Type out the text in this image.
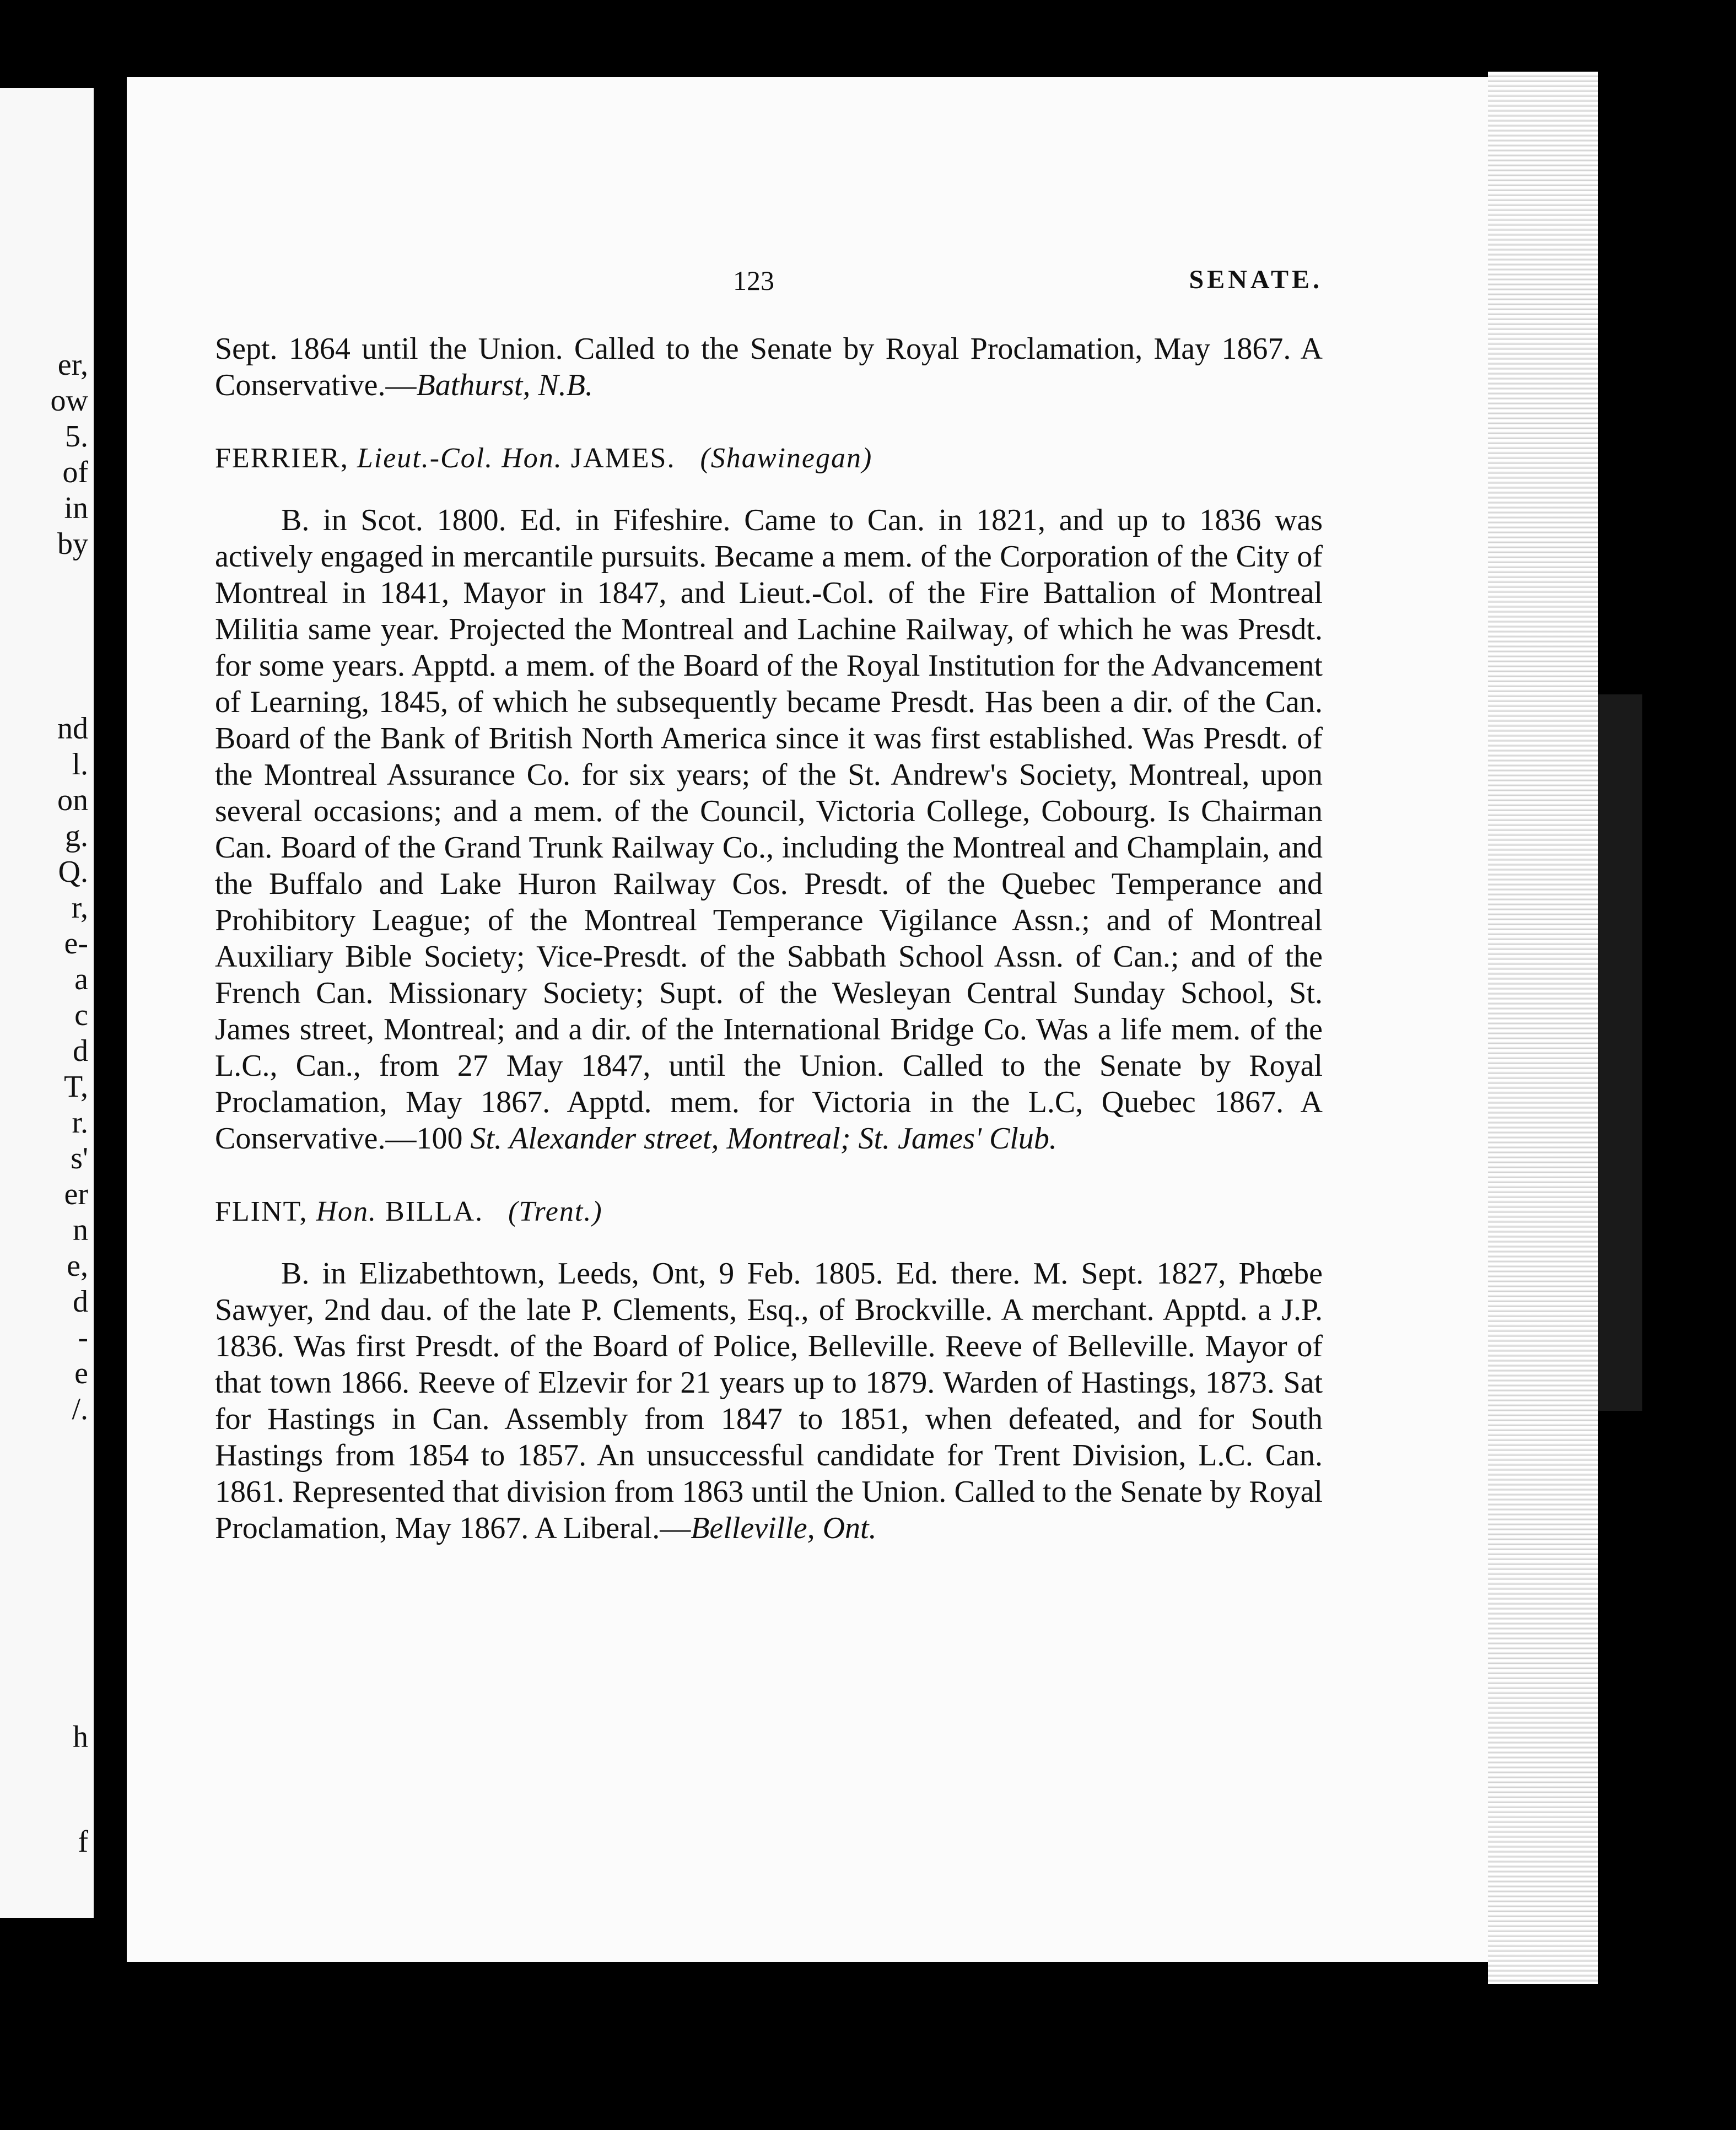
er,
ow
5.
of
in
by
nd
l.
on
g.
Q.
r,
e-
a
c
d
T,
r.
s'
er
n
e,
d
-
e
/.
h
f
123	SENATE.

Sept. 1864 until the Union. Called to the Senate by Royal Proclamation, May 1867. A Conservative.—Bathurst, N.B.

FERRIER, Lieut.-Col. Hon. JAMES. (Shawinegan)

B. in Scot. 1800. Ed. in Fifeshire. Came to Can. in 1821, and up to 1836 was actively engaged in mercantile pursuits. Became a mem. of the Corporation of the City of Montreal in 1841, Mayor in 1847, and Lieut.-Col. of the Fire Battalion of Montreal Militia same year. Projected the Montreal and Lachine Railway, of which he was Presdt. for some years. Apptd. a mem. of the Board of the Royal Institution for the Advancement of Learning, 1845, of which he subsequently became Presdt. Has been a dir. of the Can. Board of the Bank of British North America since it was first established. Was Presdt. of the Montreal Assurance Co. for six years; of the St. Andrew's Society, Montreal, upon several occasions; and a mem. of the Council, Victoria College, Cobourg. Is Chairman Can. Board of the Grand Trunk Railway Co., including the Montreal and Champlain, and the Buffalo and Lake Huron Railway Cos. Presdt. of the Quebec Temperance and Prohibitory League; of the Montreal Temperance Vigilance Assn.; and of Montreal Auxiliary Bible Society; Vice-Presdt. of the Sabbath School Assn. of Can.; and of the French Can. Missionary Society; Supt. of the Wesleyan Central Sunday School, St. James street, Montreal; and a dir. of the International Bridge Co. Was a life mem. of the L.C., Can., from 27 May 1847, until the Union. Called to the Senate by Royal Proclamation, May 1867. Apptd. mem. for Victoria in the L.C, Quebec 1867. A Conservative.—100 St. Alexander street, Montreal; St. James' Club.

FLINT, Hon. BILLA. (Trent.)

B. in Elizabethtown, Leeds, Ont, 9 Feb. 1805. Ed. there. M. Sept. 1827, Phœbe Sawyer, 2nd dau. of the late P. Clements, Esq., of Brockville. A merchant. Apptd. a J.P. 1836. Was first Presdt. of the Board of Police, Belleville. Reeve of Belleville. Mayor of that town 1866. Reeve of Elzevir for 21 years up to 1879. Warden of Hastings, 1873. Sat for Hastings in Can. Assembly from 1847 to 1851, when defeated, and for South Hastings from 1854 to 1857. An unsuccessful candidate for Trent Division, L.C. Can. 1861. Represented that division from 1863 until the Union. Called to the Senate by Royal Proclamation, May 1867. A Liberal.—Belleville, Ont.
